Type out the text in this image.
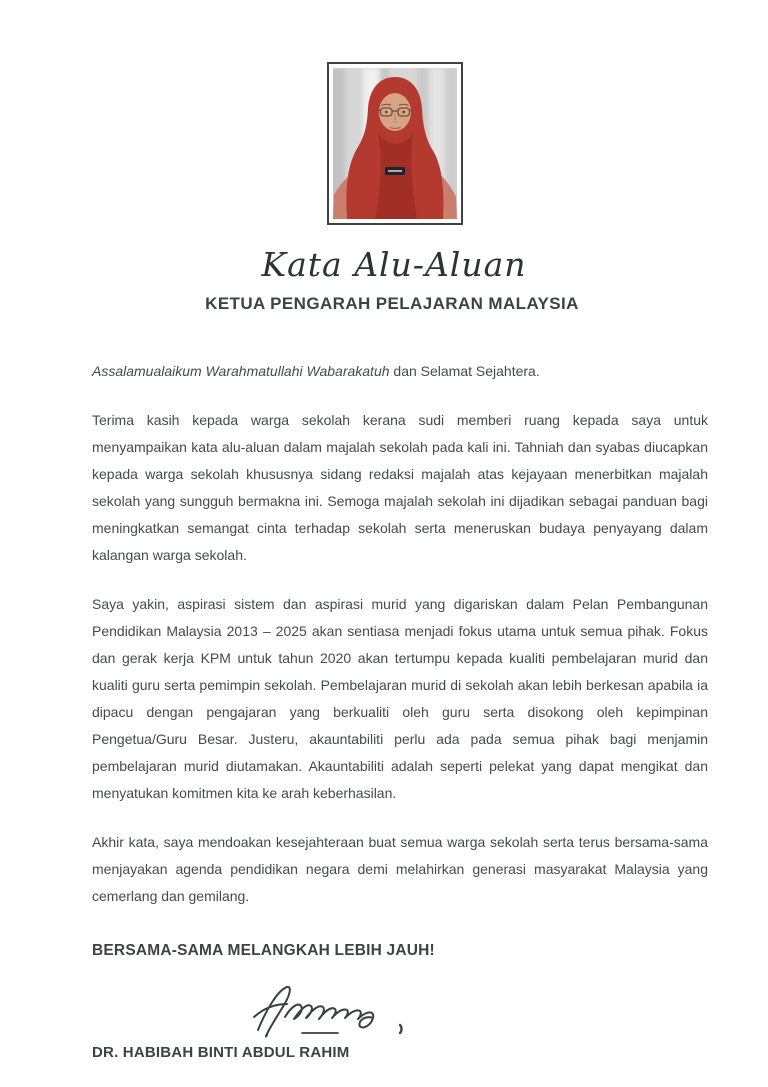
Kata Alu-Aluan
KETUA PENGARAH PELAJARAN MALAYSIA

Assalamualaikum Warahmatullahi Wabarakatuh dan Selamat Sejahtera.

Terima kasih kepada warga sekolah kerana sudi memberi ruang kepada saya untuk menyampaikan kata alu-aluan dalam majalah sekolah pada kali ini. Tahniah dan syabas diucapkan kepada warga sekolah khususnya sidang redaksi majalah atas kejayaan menerbitkan majalah sekolah yang sungguh bermakna ini. Semoga majalah sekolah ini dijadikan sebagai panduan bagi meningkatkan semangat cinta terhadap sekolah serta meneruskan budaya penyayang dalam kalangan warga sekolah.

Saya yakin, aspirasi sistem dan aspirasi murid yang digariskan dalam Pelan Pembangunan Pendidikan Malaysia 2013 – 2025 akan sentiasa menjadi fokus utama untuk semua pihak. Fokus dan gerak kerja KPM untuk tahun 2020 akan tertumpu kepada kualiti pembelajaran murid dan kualiti guru serta pemimpin sekolah. Pembelajaran murid di sekolah akan lebih berkesan apabila ia dipacu dengan pengajaran yang berkualiti oleh guru serta disokong oleh kepimpinan Pengetua/Guru Besar. Justeru, akauntabiliti perlu ada pada semua pihak bagi menjamin pembelajaran murid diutamakan. Akauntabiliti adalah seperti pelekat yang dapat mengikat dan menyatukan komitmen kita ke arah keberhasilan.

Akhir kata, saya mendoakan kesejahteraan buat semua warga sekolah serta terus bersama-sama menjayakan agenda pendidikan negara demi melahirkan generasi masyarakat Malaysia yang cemerlang dan gemilang.

BERSAMA-SAMA MELANGKAH LEBIH JAUH!

DR. HABIBAH BINTI ABDUL RAHIM
